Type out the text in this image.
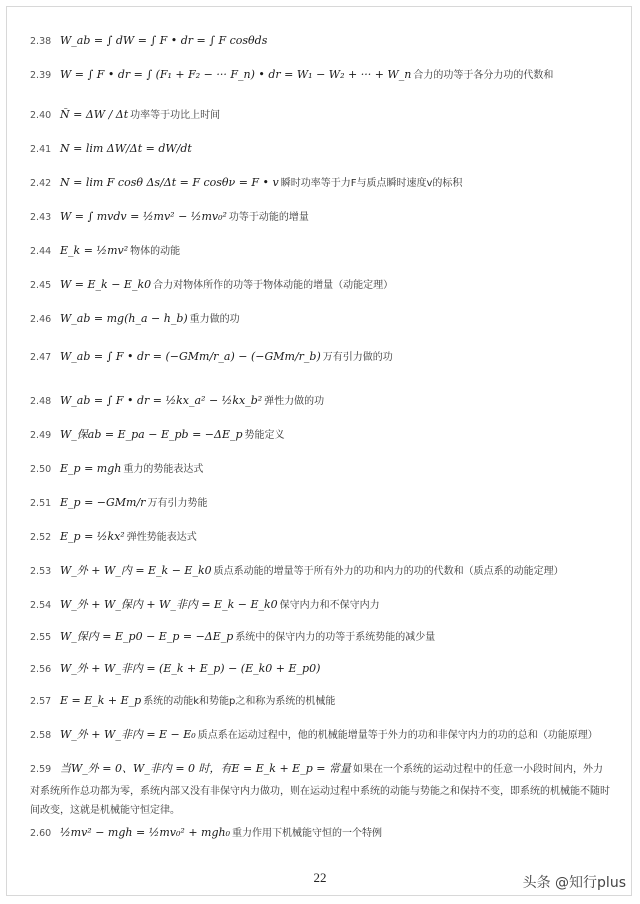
2.38 W_ab = ∫ dW = ∫ F • dr = ∫ F cosθds
2.39 W = ∫ F • dr = ∫ (F₁ + F₂ − ··· F_n) • dr = W₁ − W₂ + ··· + W_n 合力的功等于各分力功的代数和
2.40 N̄ = ΔW / Δt 功率等于功比上时间
2.41 N = lim ΔW/Δt = dW/dt
2.42 N = lim F cosθ Δs/Δt = F cosθν = F • v 瞬时功率等于力F与质点瞬时速度v的标积
2.43 W = ∫ mvdv = ½mv² − ½mv₀² 功等于动能的增量
2.44 E_k = ½mv² 物体的动能
2.45 W = E_k − E_k0 合力对物体所作的功等于物体动能的增量（动能定理）
2.46 W_ab = mg(h_a − h_b) 重力做的功
2.47 W_ab = ∫ F • dr = (−GMm/r_a) − (−GMm/r_b) 万有引力做的功
2.48 W_ab = ∫ F • dr = ½kx_a² − ½kx_b² 弹性力做的功
2.49 W_保ab = E_pa − E_pb = −ΔE_p 势能定义
2.50 E_p = mgh 重力的势能表达式
2.51 E_p = −GMm/r 万有引力势能
2.52 E_p = ½kx² 弹性势能表达式
2.53 W_外 + W_内 = E_k − E_k0 质点系动能的增量等于所有外力的功和内力的功的代数和（质点系的动能定理）
2.54 W_外 + W_保内 + W_非内 = E_k − E_k0 保守内力和不保守内力
2.55 W_保内 = E_p0 − E_p = −ΔE_p 系统中的保守内力的功等于系统势能的减少量
2.56 W_外 + W_非内 = (E_k + E_p) − (E_k0 + E_p0)
2.57 E = E_k + E_p 系统的动能k和势能p之和称为系统的机械能
2.58 W_外 + W_非内 = E − E₀ 质点系在运动过程中，他的机械能增量等于外力的功和非保守内力的功的总和（功能原理）
2.59 当W_外 = 0、W_非内 = 0 时，有E = E_k + E_p = 常量 如果在一个系统的运动过程中的任意一小段时间内，外力
对系统所作总功都为零，系统内部又没有非保守内力做功，则在运动过程中系统的动能与势能之和保持不变，即系统的机械能不随时间改变，这就是机械能守恒定律。
2.60 ½mv² − mgh = ½mv₀² + mgh₀ 重力作用下机械能守恒的一个特例
22	头条 @知行plus
